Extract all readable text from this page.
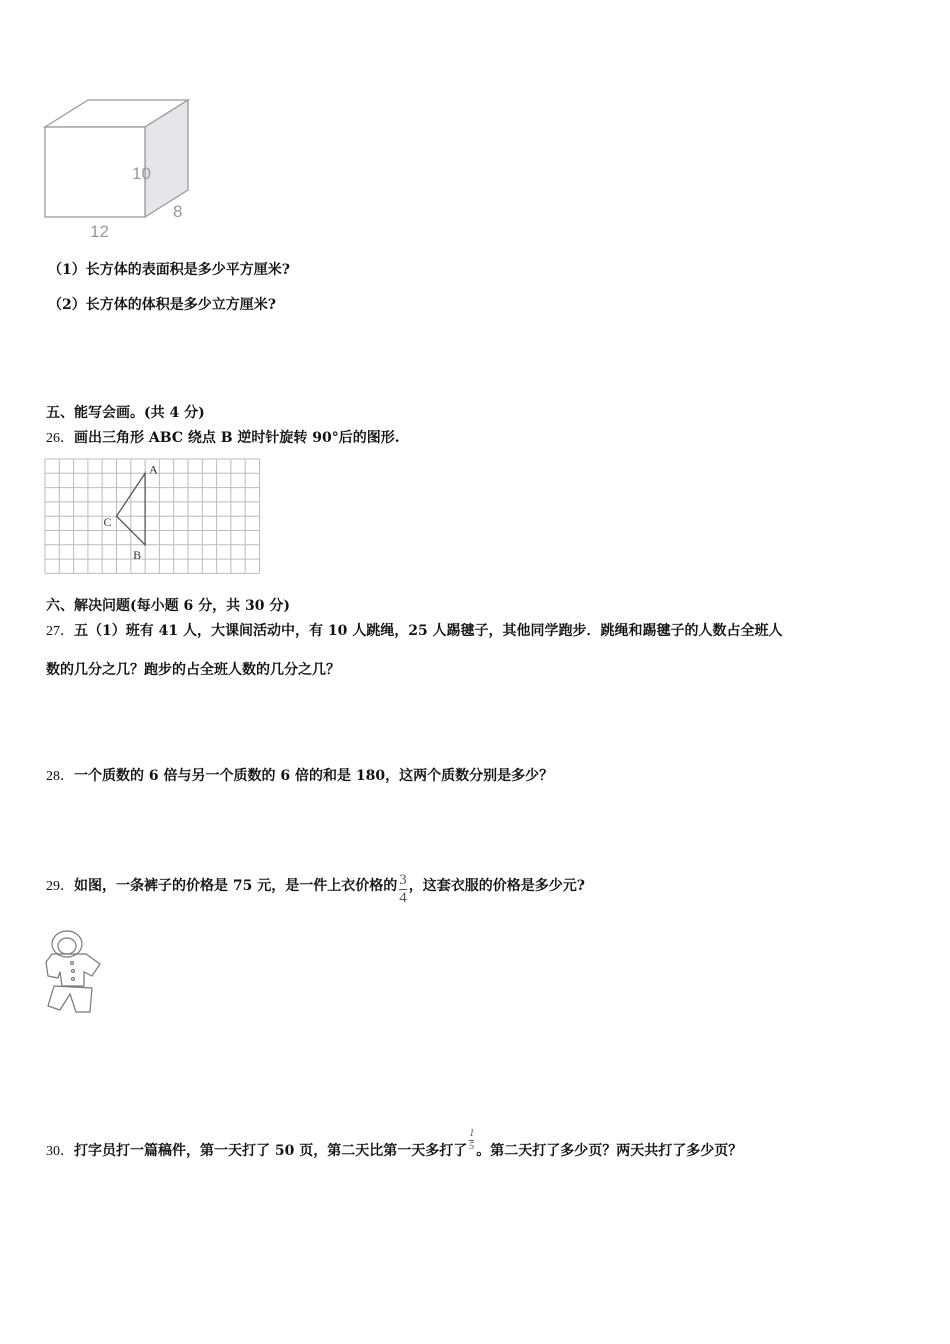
10
8
12
（1）长方体的表面积是多少平方厘米?
（2）长方体的体积是多少立方厘米?
五、能写会画。(共 4 分)
26．画出三角形 ABC 绕点 B 逆时针旋转 90°后的图形.
A
B
C
六、解决问题(每小题 6 分，共 30 分)
27．五（1）班有 41 人，大课间活动中，有 10 人跳绳，25 人踢毽子，其他同学跑步．跳绳和踢毽子的人数占全班人
数的几分之几？跑步的占全班人数的几分之几？
28．一个质数的 6 倍与另一个质数的 6 倍的和是 180，这两个质数分别是多少？
29．如图，一条裤子的价格是 75 元，是一件上衣价格的 $\frac{3}{4}$ ，这套衣服的价格是多少元?
30．打字员打一篇稿件，第一天打了 50 页，第二天比第一天多打了 $\frac{1}{5}$ 。第二天打了多少页？两天共打了多少页？
